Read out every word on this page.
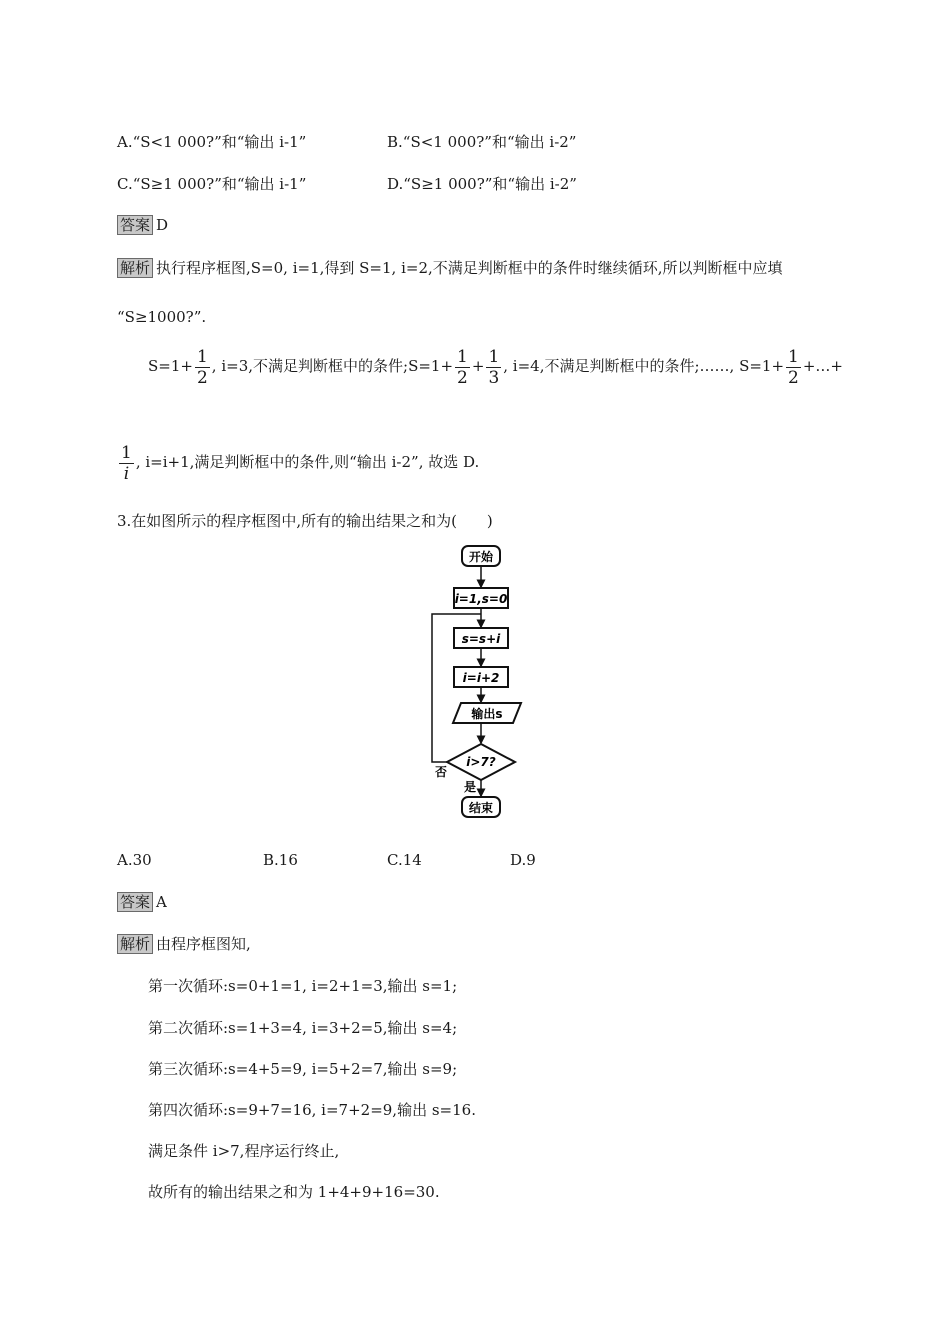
A.“S<1 000?”和“输出 i-1”	B.“S<1 000?”和“输出 i-2”
C.“S≥1 000?”和“输出 i-1”	D.“S≥1 000?”和“输出 i-2”
答案 D
解析 执行程序框图,S=0, i=1,得到 S=1, i=2,不满足判断框中的条件时继续循环,所以判断框中应填
“S≥1000?”.
$S=1+ \frac{1}{2}$ , i=3,不满足判断框中的条件;S=1+ $\frac{1}{2} + \frac{1}{3}$ , i=4,不满足判断框中的条件;……, $S=1+ \frac{1}{2}$ +…+
$\frac{1}{i}$ , i=i+1,满足判断框中的条件,则“输出 i-2”, 故选 D.
3.在如图所示的程序框图中,所有的输出结果之和为(　　)
开始
i=1,s=0
s=s+i
i=i+2
输出s
i>7?
否
是
结束
A.30	B.16	C.14	D.9
答案 A
解析 由程序框图知,
第一次循环:s=0+1=1, i=2+1=3,输出 s=1;
第二次循环:s=1+3=4, i=3+2=5,输出 s=4;
第三次循环:s=4+5=9, i=5+2=7,输出 s=9;
第四次循环:s=9+7=16, i=7+2=9,输出 s=16.
满足条件 i>7,程序运行终止,
故所有的输出结果之和为 1+4+9+16=30.
